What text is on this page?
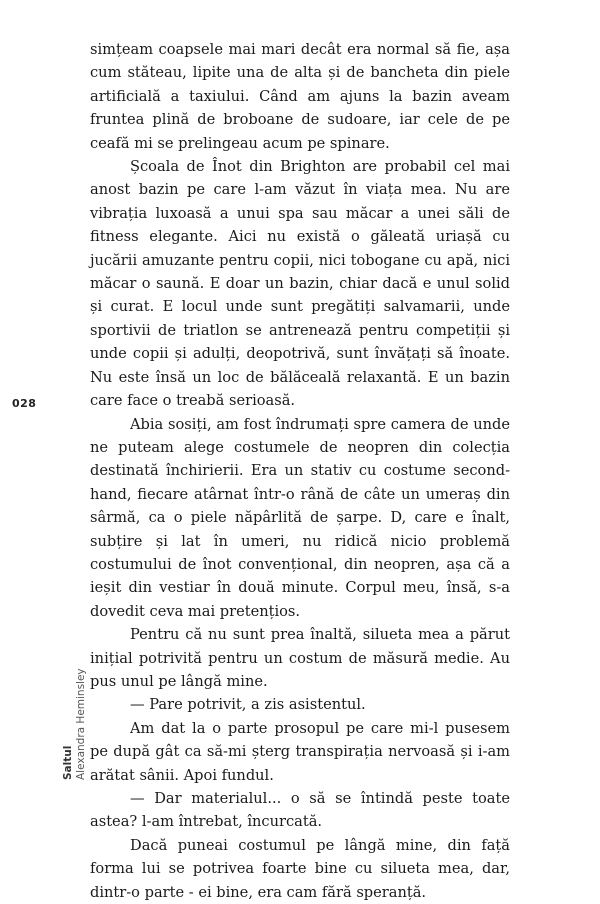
simțeam coapsele mai mari decât era normal să fie, așa cum stăteau, lipite una de alta și de bancheta din piele artificială a taxiului. Când am ajuns la bazin aveam fruntea plină de broboane de sudoare, iar cele de pe ceafă mi se prelingeau acum pe spinare.

Școala de Înot din Brighton are probabil cel mai anost bazin pe care l-am văzut în viața mea. Nu are vibrația luxoasă a unui spa sau măcar a unei săli de fitness elegante. Aici nu există o găleată uriașă cu jucării amuzante pentru copii, nici tobogane cu apă, nici măcar o saună. E doar un bazin, chiar dacă e unul solid și curat. E locul unde sunt pregătiți salvamarii, unde sportivii de triatlon se antrenează pentru competiții și unde copii și adulți, deopotrivă, sunt învățați să înoate. Nu este însă un loc de bălăceală relaxantă. E un bazin care face o treabă serioasă.

Abia sosiți, am fost îndrumați spre camera de unde ne puteam alege costumele de neopren din colecția destinată închirierii. Era un stativ cu costume second-hand, fiecare atârnat într-o rână de câte un umeraș din sârmă, ca o piele năpârlită de șarpe. D, care e înalt, subțire și lat în umeri, nu ridică nicio problemă costumului de înot convențional, din neopren, așa că a ieșit din vestiar în două minute. Corpul meu, însă, s-a dovedit ceva mai pretențios.

Pentru că nu sunt prea înaltă, silueta mea a părut inițial potrivită pentru un costum de măsură medie. Au pus unul pe lângă mine.

— Pare potrivit, a zis asistentul.

Am dat la o parte prosopul pe care mi-l pusesem pe după gât ca să-mi șterg transpirația nervoasă și i-am arătat sânii. Apoi fundul.

— Dar materialul... o să se întindă peste toate astea? l-am întrebat, încurcată.

Dacă puneai costumul pe lângă mine, din față forma lui se potrivea foarte bine cu silueta mea, dar, dintr-o parte - ei bine, era cam fără speranță.

028
Saltul Alexandra Heminsley
